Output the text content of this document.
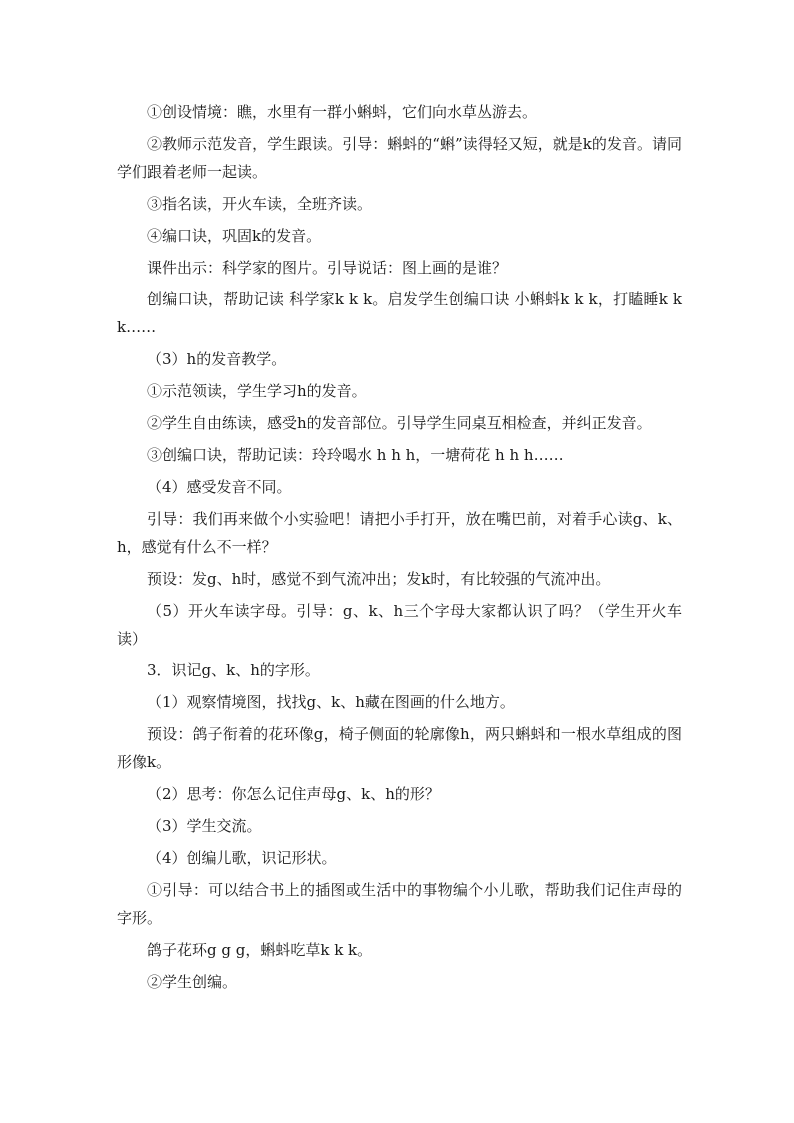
①创设情境：瞧，水里有一群小蝌蚪，它们向水草丛游去。

②教师示范发音，学生跟读。引导：蝌蚪的“蝌”读得轻又短，就是k的发音。请同学们跟着老师一起读。

③指名读，开火车读，全班齐读。

④编口诀，巩固k的发音。

课件出示：科学家的图片。引导说话：图上画的是谁？

创编口诀，帮助记读 科学家k k k。启发学生创编口诀 小蝌蚪k k k，打瞌睡k k k……

（3）h的发音教学。

①示范领读，学生学习h的发音。

②学生自由练读，感受h的发音部位。引导学生同桌互相检查，并纠正发音。

③创编口诀，帮助记读：玲玲喝水 h h h，一塘荷花 h h h……

（4）感受发音不同。

引导：我们再来做个小实验吧！请把小手打开，放在嘴巴前，对着手心读g、k、h，感觉有什么不一样？

预设：发g、h时，感觉不到气流冲出；发k时，有比较强的气流冲出。

（5）开火车读字母。引导：g、k、h三个字母大家都认识了吗？（学生开火车读）

3．识记g、k、h的字形。

（1）观察情境图，找找g、k、h藏在图画的什么地方。

预设：鸽子衔着的花环像g，椅子侧面的轮廓像h，两只蝌蚪和一根水草组成的图形像k。

（2）思考：你怎么记住声母g、k、h的形？

（3）学生交流。

（4）创编儿歌，识记形状。

①引导：可以结合书上的插图或生活中的事物编个小儿歌，帮助我们记住声母的字形。

鸽子花环g g g，蝌蚪吃草k k k。

②学生创编。
